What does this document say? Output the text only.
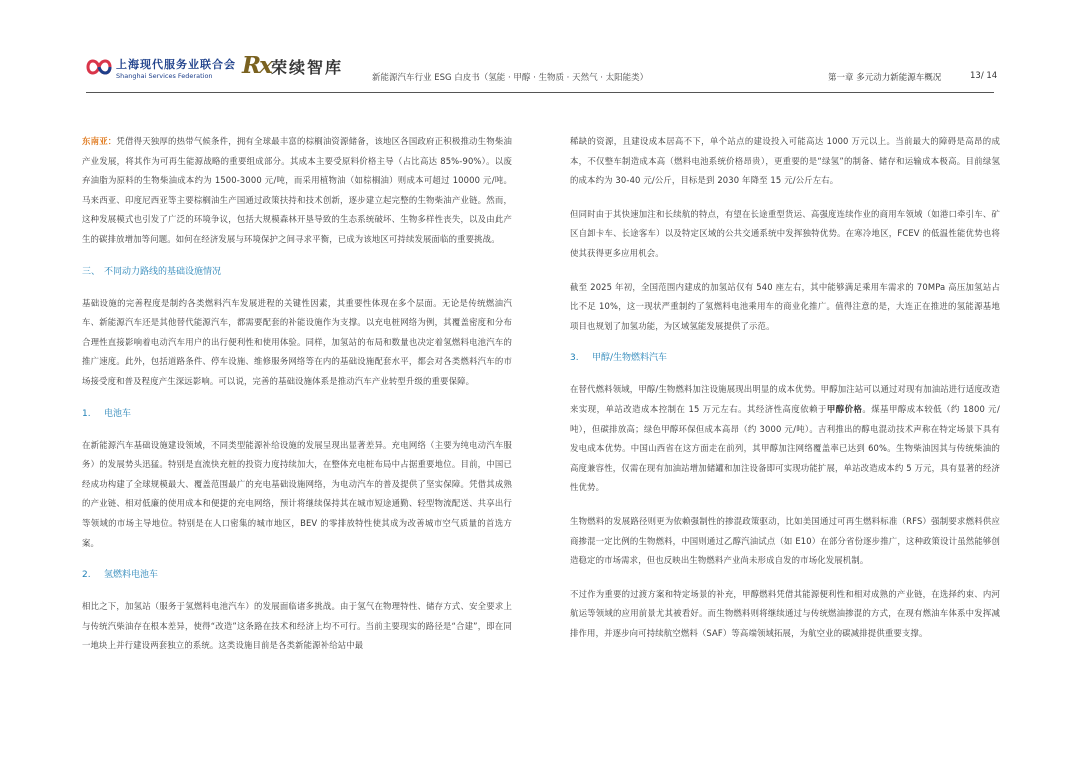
上海现代服务业联合会
Shanghai Services Federation Rx 荣续智库
新能源汽车行业 ESG 白皮书（氢能 · 甲醇 · 生物质 · 天然气 · 太阳能类）	第一章 多元动力新能源车概况	13/ 14

东南亚：凭借得天独厚的热带气候条件，拥有全球最丰富的棕榈油资源储备，该地区各国政府正积极推动生物柴油产业发展，将其作为可再生能源战略的重要组成部分。其成本主要受原料价格主导（占比高达 85%-90%）。以废弃油脂为原料的生物柴油成本约为 1500-3000 元/吨，而采用植物油（如棕榈油）则成本可超过 10000 元/吨。马来西亚、印度尼西亚等主要棕榈油生产国通过政策扶持和技术创新，逐步建立起完整的生物柴油产业链。然而，这种发展模式也引发了广泛的环境争议，包括大规模森林开垦导致的生态系统破坏、生物多样性丧失，以及由此产生的碳排放增加等问题。如何在经济发展与环境保护之间寻求平衡，已成为该地区可持续发展面临的重要挑战。

三、 不同动力路线的基础设施情况

基础设施的完善程度是制约各类燃料汽车发展进程的关键性因素，其重要性体现在多个层面。无论是传统燃油汽车、新能源汽车还是其他替代能源汽车，都需要配套的补能设施作为支撑。以充电桩网络为例，其覆盖密度和分布合理性直接影响着电动汽车用户的出行便利性和使用体验。同样，加氢站的布局和数量也决定着氢燃料电池汽车的推广速度。此外，包括道路条件、停车设施、维修服务网络等在内的基础设施配套水平，都会对各类燃料汽车的市场接受度和普及程度产生深远影响。可以说，完善的基础设施体系是推动汽车产业转型升级的重要保障。

1. 电池车

在新能源汽车基础设施建设领域，不同类型能源补给设施的发展呈现出显著差异。充电网络（主要为纯电动汽车服务）的发展势头迅猛。特别是直流快充桩的投资力度持续加大，在整体充电桩布局中占据重要地位。目前，中国已经成功构建了全球规模最大、覆盖范围最广的充电基础设施网络，为电动汽车的普及提供了坚实保障。凭借其成熟的产业链、相对低廉的使用成本和便捷的充电网络，预计将继续保持其在城市短途通勤、轻型物流配送、共享出行等领域的市场主导地位。特别是在人口密集的城市地区，BEV 的零排放特性使其成为改善城市空气质量的首选方案。

2. 氢燃料电池车

相比之下，加氢站（服务于氢燃料电池汽车）的发展面临诸多挑战。由于氢气在物理特性、储存方式、安全要求上与传统汽柴油存在根本差异，使得“改造”这条路在技术和经济上均不可行。当前主要现实的路径是“合建”，即在同一地块上并行建设两套独立的系统。这类设施目前是各类新能源补给站中最

稀缺的资源，且建设成本居高不下，单个站点的建设投入可能高达 1000 万元以上。当前最大的障碍是高昂的成本，不仅整车制造成本高（燃料电池系统价格昂贵），更重要的是“绿氢”的制备、储存和运输成本极高。目前绿氢的成本约为 30-40 元/公斤，目标是到 2030 年降至 15 元/公斤左右。

但同时由于其快速加注和长续航的特点，有望在长途重型货运、高强度连续作业的商用车领域（如港口牵引车、矿区自卸卡车、长途客车）以及特定区域的公共交通系统中发挥独特优势。在寒冷地区，FCEV 的低温性能优势也将使其获得更多应用机会。

截至 2025 年初，全国范围内建成的加氢站仅有 540 座左右，其中能够满足乘用车需求的 70MPa 高压加氢站占比不足 10%，这一现状严重制约了氢燃料电池乘用车的商业化推广。值得注意的是，大连正在推进的氢能源基地项目也规划了加氢功能，为区域氢能发展提供了示范。

3. 甲醇/生物燃料汽车

在替代燃料领域，甲醇/生物燃料加注设施展现出明显的成本优势。甲醇加注站可以通过对现有加油站进行适度改造来实现，单站改造成本控制在 15 万元左右。其经济性高度依赖于甲醇价格。煤基甲醇成本较低（约 1800 元/吨），但碳排放高；绿色甲醇环保但成本高昂（约 3000 元/吨）。吉利推出的醇电混动技术声称在特定场景下具有发电成本优势。中国山西省在这方面走在前列，其甲醇加注网络覆盖率已达到 60%。生物柴油因其与传统柴油的高度兼容性，仅需在现有加油站增加储罐和加注设备即可实现功能扩展，单站改造成本约 5 万元，具有显著的经济性优势。

生物燃料的发展路径则更为依赖强制性的掺混政策驱动，比如美国通过可再生燃料标准（RFS）强制要求燃料供应商掺混一定比例的生物燃料，中国则通过乙醇汽油试点（如 E10）在部分省份逐步推广，这种政策设计虽然能够创造稳定的市场需求，但也反映出生物燃料产业尚未形成自发的市场化发展机制。

不过作为重要的过渡方案和特定场景的补充，甲醇燃料凭借其能源便利性和相对成熟的产业链，在选择约束、内河航运等领域的应用前景尤其被看好。而生物燃料则将继续通过与传统燃油掺混的方式，在现有燃油车体系中发挥减排作用，并逐步向可持续航空燃料（SAF）等高端领域拓展，为航空业的碳减排提供重要支撑。
